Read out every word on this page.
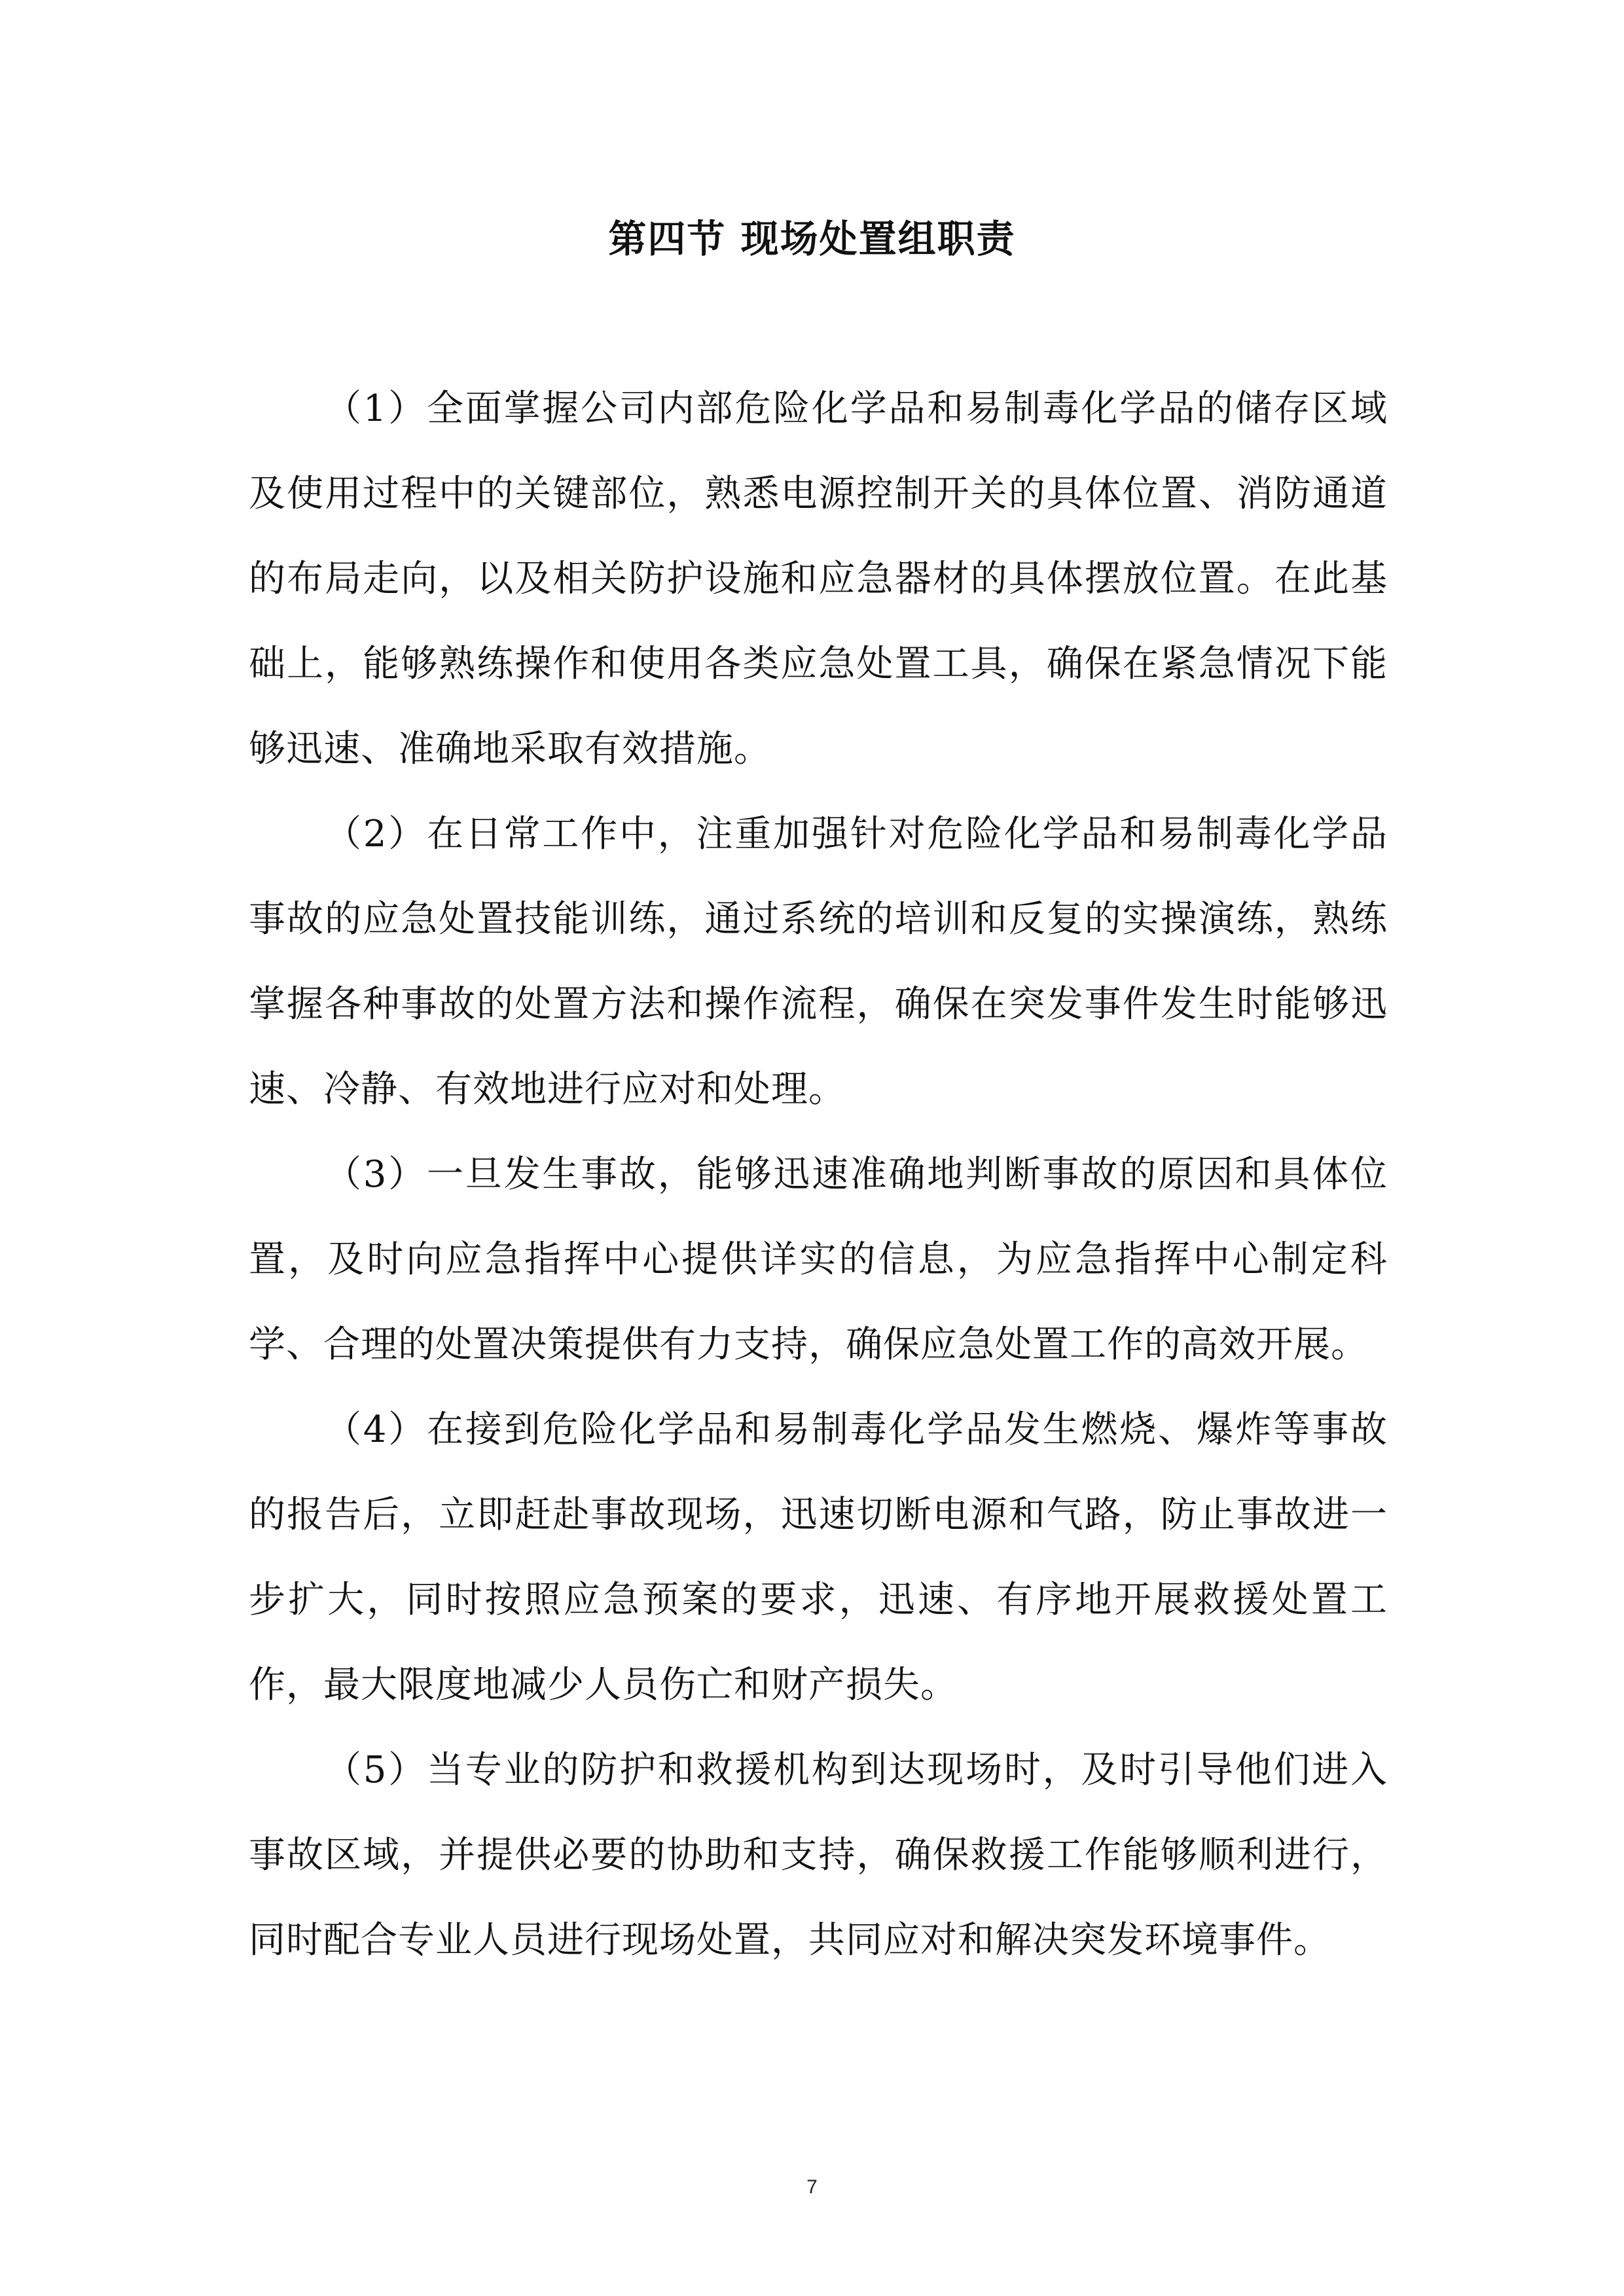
第四节 现场处置组职责

（1）全面掌握公司内部危险化学品和易制毒化学品的储存区域及使用过程中的关键部位，熟悉电源控制开关的具体位置、消防通道的布局走向，以及相关防护设施和应急器材的具体摆放位置。在此基础上，能够熟练操作和使用各类应急处置工具，确保在紧急情况下能够迅速、准确地采取有效措施。

（2）在日常工作中，注重加强针对危险化学品和易制毒化学品事故的应急处置技能训练，通过系统的培训和反复的实操演练，熟练掌握各种事故的处置方法和操作流程，确保在突发事件发生时能够迅速、冷静、有效地进行应对和处理。

（3）一旦发生事故，能够迅速准确地判断事故的原因和具体位置，及时向应急指挥中心提供详实的信息，为应急指挥中心制定科学、合理的处置决策提供有力支持，确保应急处置工作的高效开展。

（4）在接到危险化学品和易制毒化学品发生燃烧、爆炸等事故的报告后，立即赶赴事故现场，迅速切断电源和气路，防止事故进一步扩大，同时按照应急预案的要求，迅速、有序地开展救援处置工作，最大限度地减少人员伤亡和财产损失。

（5）当专业的防护和救援机构到达现场时，及时引导他们进入事故区域，并提供必要的协助和支持，确保救援工作能够顺利进行，同时配合专业人员进行现场处置，共同应对和解决突发环境事件。

7
